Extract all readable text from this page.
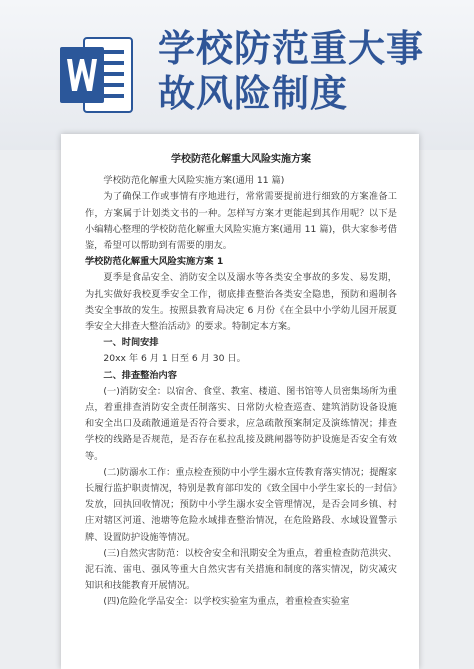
学校防范重大事故风险制度

学校防范化解重大风险实施方案

学校防范化解重大风险实施方案(通用 11 篇)

为了确保工作或事情有序地进行，常常需要提前进行细致的方案准备工作，方案属于计划类文书的一种。怎样写方案才更能起到其作用呢？以下是小编精心整理的学校防范化解重大风险实施方案(通用 11 篇)，供大家参考借鉴，希望可以帮助到有需要的朋友。

学校防范化解重大风险实施方案 1

夏季是食品安全、消防安全以及溺水等各类安全事故的多发、易发期，为扎实做好我校夏季安全工作，彻底排查整治各类安全隐患，预防和遏制各类安全事故的发生。按照县教育局决定 6 月份《在全县中小学幼儿园开展夏季安全大排查大整治活动》的要求。特制定本方案。

一、时间安排

20xx 年 6 月 1 日至 6 月 30 日。

二、排查整治内容

(一)消防安全：以宿舍、食堂、教室、楼道、图书馆等人员密集场所为重点，着重排查消防安全责任制落实、日常防火检查巡查、建筑消防设备设施和安全出口及疏散通道是否符合要求，应急疏散预案制定及演练情况；排查学校的线路是否规范，是否存在私拉乱接及跳闸器等防护设施是否安全有效等。

(二)防溺水工作：重点检查预防中小学生溺水宣传教育落实情况；提醒家长履行监护职责情况，特别是教育部印发的《致全国中小学生家长的一封信》发放，回执回收情况；预防中小学生溺水安全管理情况，是否会同乡镇、村庄对辖区河道、池塘等危险水域排查整治情况，在危险路段、水域设置警示牌、设置防护设施等情况。

(三)自然灾害防范：以校舍安全和汛期安全为重点，着重检查防范洪灾、泥石流、雷电、强风等重大自然灾害有关措施和制度的落实情况，防灾减灾知识和技能教育开展情况。

(四)危险化学品安全：以学校实验室为重点，着重检查实验室
